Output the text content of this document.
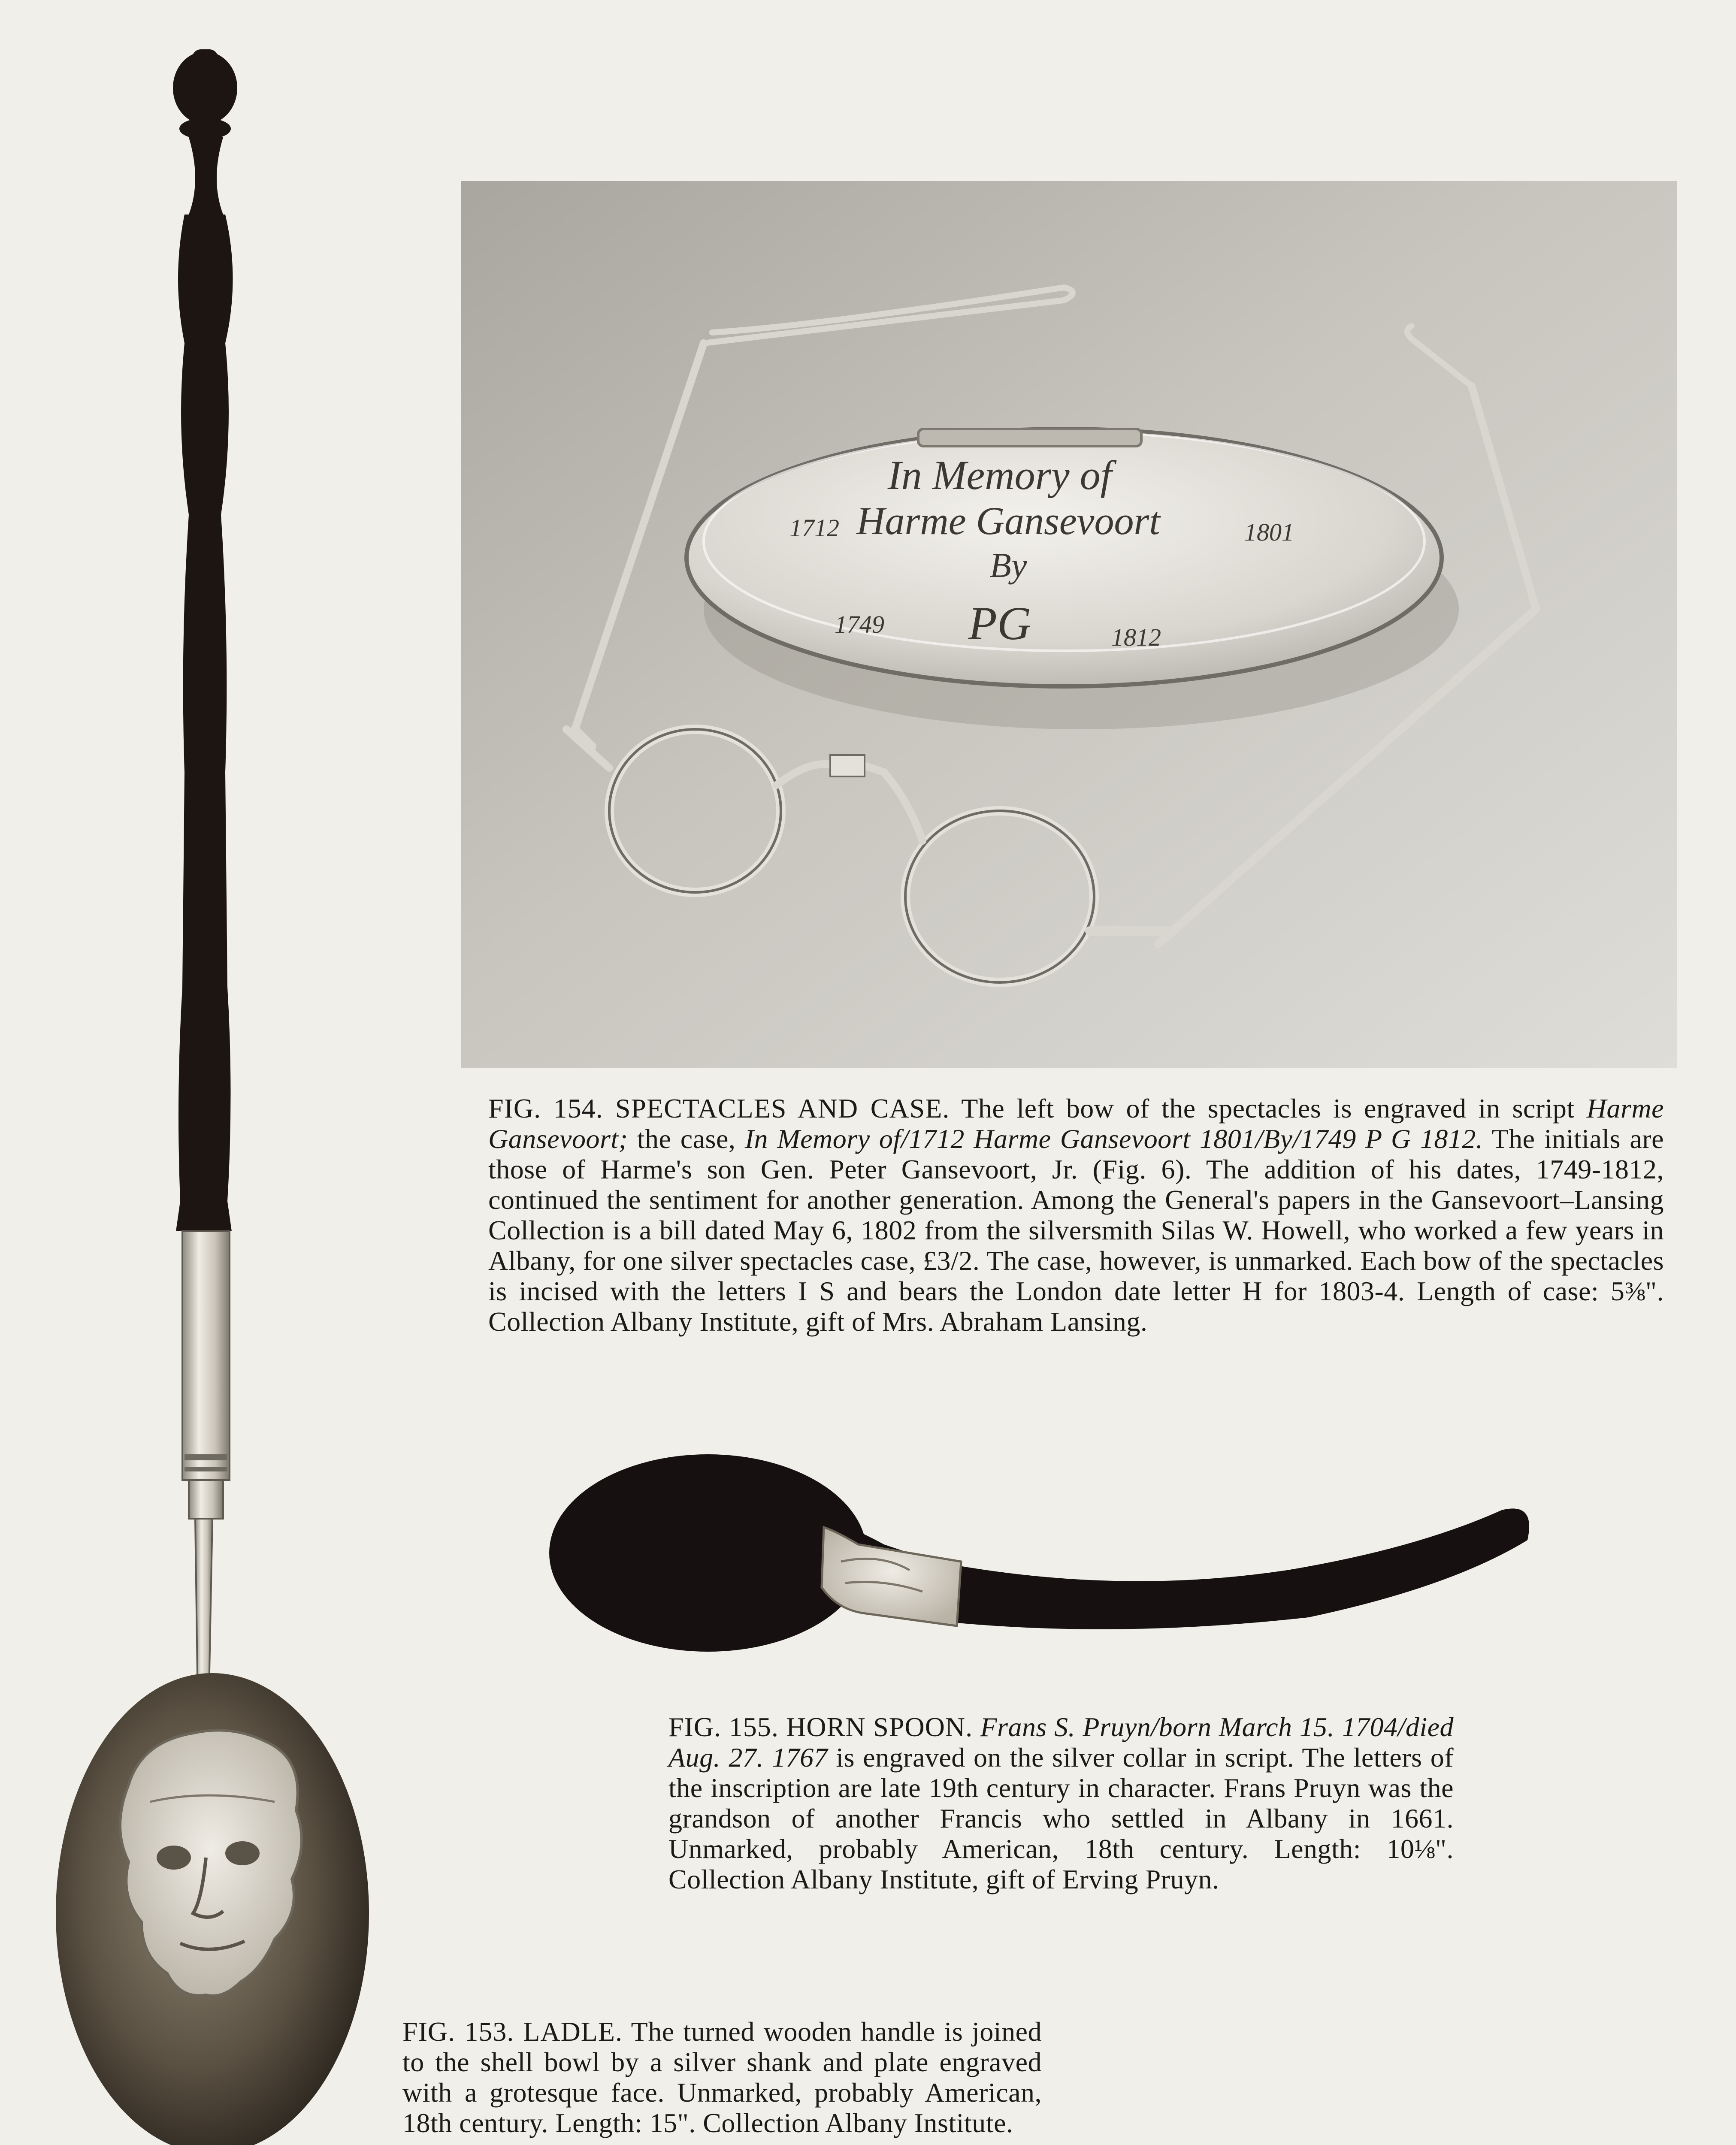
In Memory of
1712 Harme Gansevoort	1801
By
1749 PG	1812

FIG. 154. SPECTACLES AND CASE. The left bow of the spectacles is engraved in script Harme Gansevoort; the case, In Memory of/1712 Harme Gansevoort 1801/By/1749 P G 1812. The initials are those of Harme's son Gen. Peter Gansevoort, Jr. (Fig. 6). The addition of his dates, 1749-1812, continued the sentiment for another generation. Among the General's papers in the Gansevoort–Lansing Collection is a bill dated May 6, 1802 from the silversmith Silas W. Howell, who worked a few years in Albany, for one silver spectacles case, £3/2. The case, however, is unmarked. Each bow of the spectacles is incised with the letters I S and bears the London date letter H for 1803-4. Length of case: 5⅜". Collection Albany Institute, gift of Mrs. Abraham Lansing.

FIG. 155. HORN SPOON. Frans S. Pruyn/born March 15. 1704/died Aug. 27. 1767 is engraved on the silver collar in script. The letters of the inscription are late 19th century in character. Frans Pruyn was the grandson of another Francis who settled in Albany in 1661. Unmarked, probably American, 18th century. Length: 10⅛". Collection Albany Institute, gift of Erving Pruyn.

FIG. 153. LADLE. The turned wooden handle is joined to the shell bowl by a silver shank and plate engraved with a grotesque face. Unmarked, probably American, 18th century. Length: 15". Collection Albany Institute.
